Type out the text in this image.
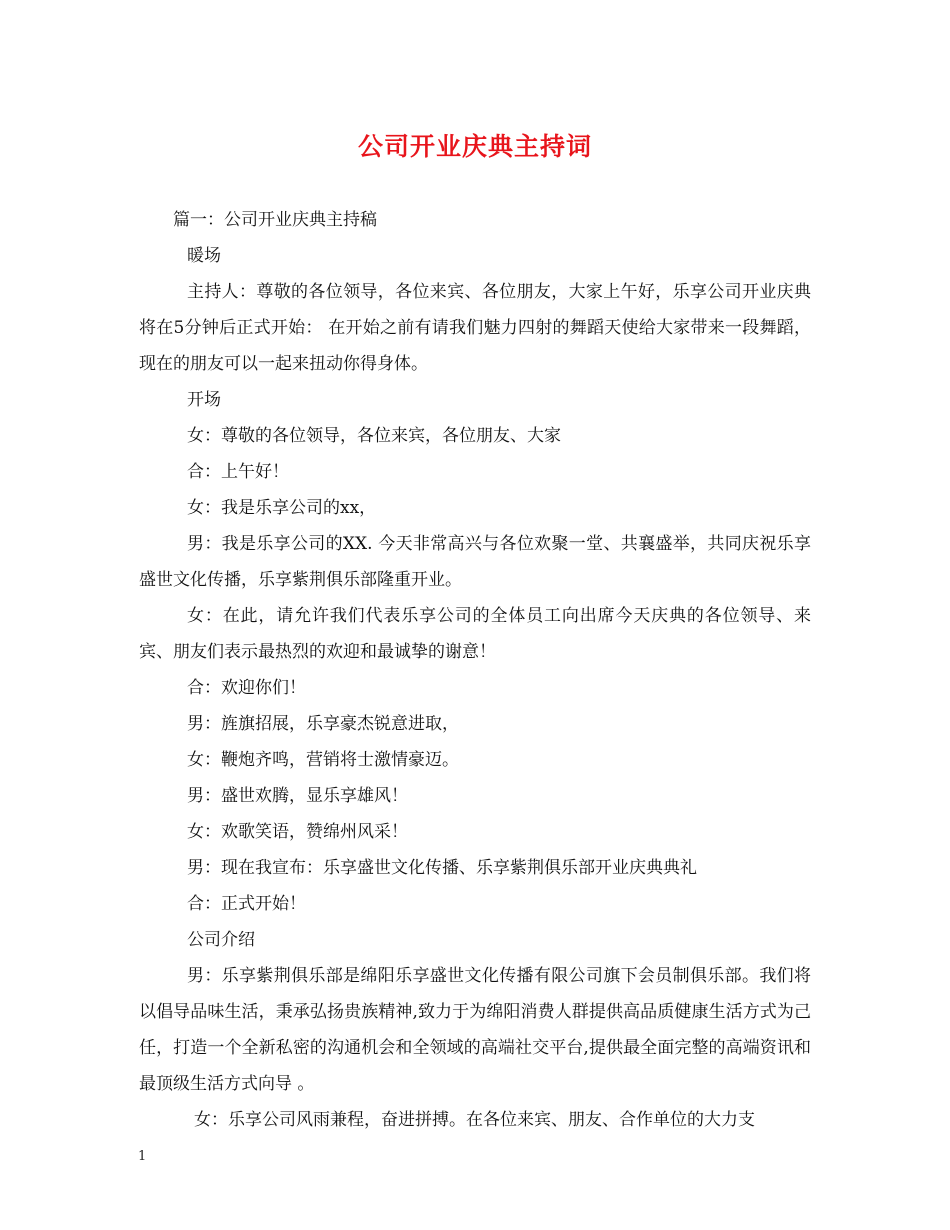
公司开业庆典主持词

篇一：公司开业庆典主持稿

暖场

主持人：尊敬的各位领导，各位来宾、各位朋友，大家上午好，乐享公司开业庆典将在5分钟后正式开始： 在开始之前有请我们魅力四射的舞蹈天使给大家带来一段舞蹈，现在的朋友可以一起来扭动你得身体。

开场

女：尊敬的各位领导，各位来宾，各位朋友、大家

合：上午好！

女：我是乐享公司的xx，

男：我是乐享公司的XX. 今天非常高兴与各位欢聚一堂、共襄盛举，共同庆祝乐享盛世文化传播，乐享紫荆俱乐部隆重开业。

女：在此，请允许我们代表乐享公司的全体员工向出席今天庆典的各位领导、来宾、朋友们表示最热烈的欢迎和最诚挚的谢意！

合：欢迎你们！

男：旌旗招展，乐享豪杰锐意进取，

女：鞭炮齐鸣，营销将士激情豪迈。

男：盛世欢腾，显乐享雄风！

女：欢歌笑语，赞绵州风采！

男：现在我宣布：乐享盛世文化传播、乐享紫荆俱乐部开业庆典典礼

合：正式开始！

公司介绍

男：乐享紫荆俱乐部是绵阳乐享盛世文化传播有限公司旗下会员制俱乐部。我们将以倡导品味生活，秉承弘扬贵族精神,致力于为绵阳消费人群提供高品质健康生活方式为己任，打造一个全新私密的沟通机会和全领域的高端社交平台,提供最全面完整的高端资讯和最顶级生活方式向导 。

女：乐享公司风雨兼程，奋进拼搏。在各位来宾、朋友、合作单位的大力支

1
